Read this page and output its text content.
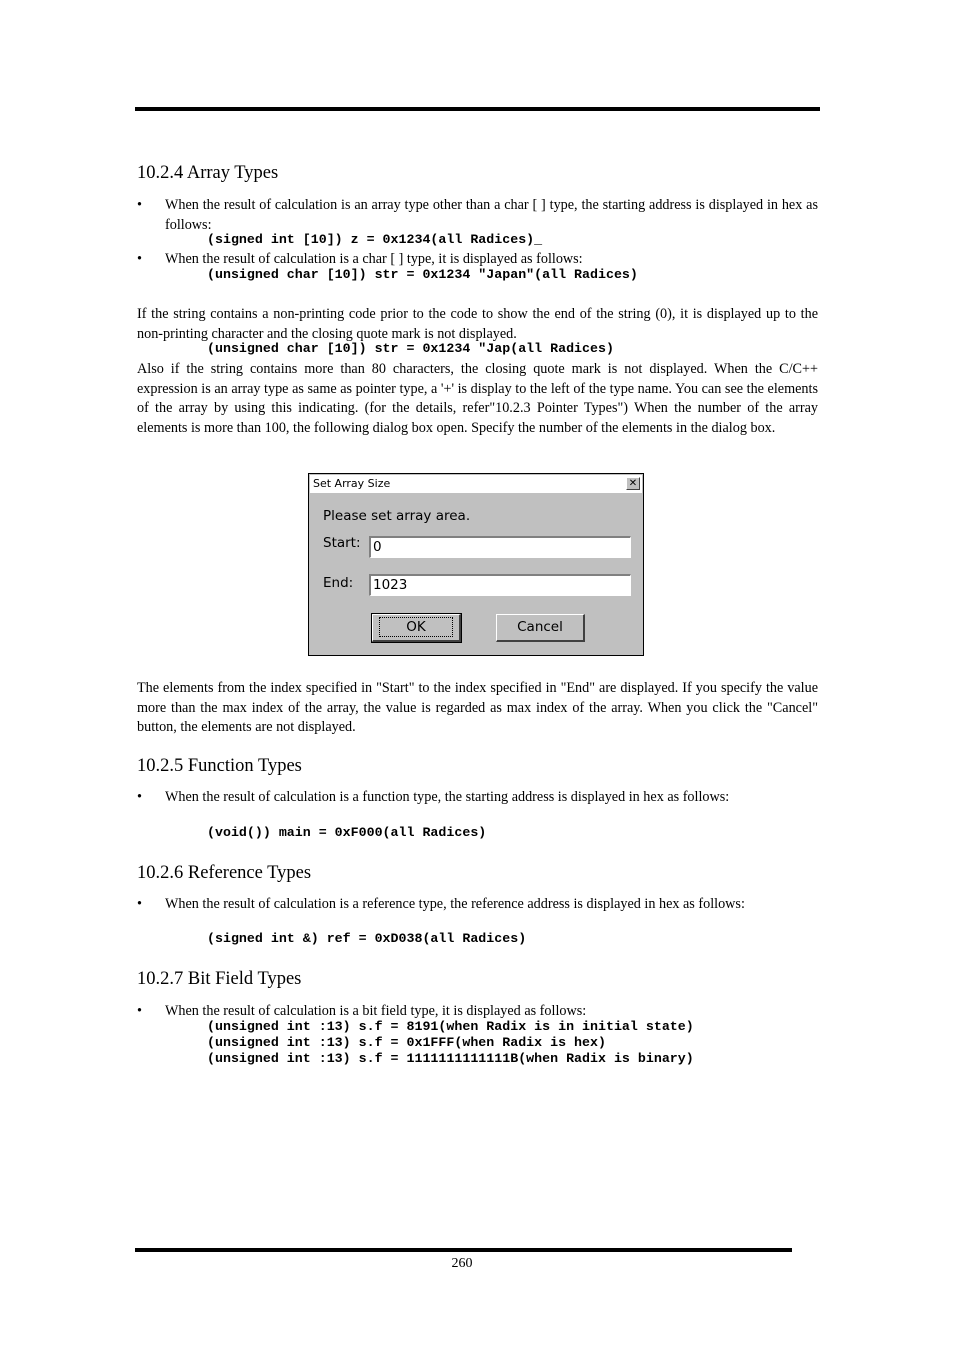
10.2.4 Array Types
•	When the result of calculation is an array type other than a char [ ] type, the starting address is displayed in hex as follows:
(signed int [10]) z = 0x1234(all Radices)_
•	When the result of calculation is a char [ ] type, it is displayed as follows:
(unsigned char [10]) str = 0x1234 "Japan"(all Radices)

If the string contains a non-printing code prior to the code to show the end of the string (0), it is displayed up to the non-printing character and the closing quote mark is not displayed.

(unsigned char [10]) str = 0x1234 "Jap(all Radices)

Also if the string contains more than 80 characters, the closing quote mark is not displayed. When the C/C++ expression is an array type as same as pointer type, a '+' is display to the left of the type name. You can see the elements of the array by using this indicating. (for the details, refer"10.2.3 Pointer Types") When the number of the array elements is more than 100, the following dialog box open. Specify the number of the elements in the dialog box.

Set Array Size	✕
Please set array area.
Start: 0
End: 1023
OK	Cancel

The elements from the index specified in "Start" to the index specified in "End" are displayed. If you specify the value more than the max index of the array, the value is regarded as max index of the array. When you click the "Cancel" button, the elements are not displayed.

10.2.5 Function Types
•	When the result of calculation is a function type, the starting address is displayed in hex as follows:
(void()) main = 0xF000(all Radices)
10.2.6 Reference Types
•	When the result of calculation is a reference type, the reference address is displayed in hex as follows:
(signed int &) ref = 0xD038(all Radices)
10.2.7 Bit Field Types
•	When the result of calculation is a bit field type, it is displayed as follows:
(unsigned int :13) s.f = 8191(when Radix is in initial state)
(unsigned int :13) s.f = 0x1FFF(when Radix is hex)
(unsigned int :13) s.f = 1111111111111B(when Radix is binary)
260
